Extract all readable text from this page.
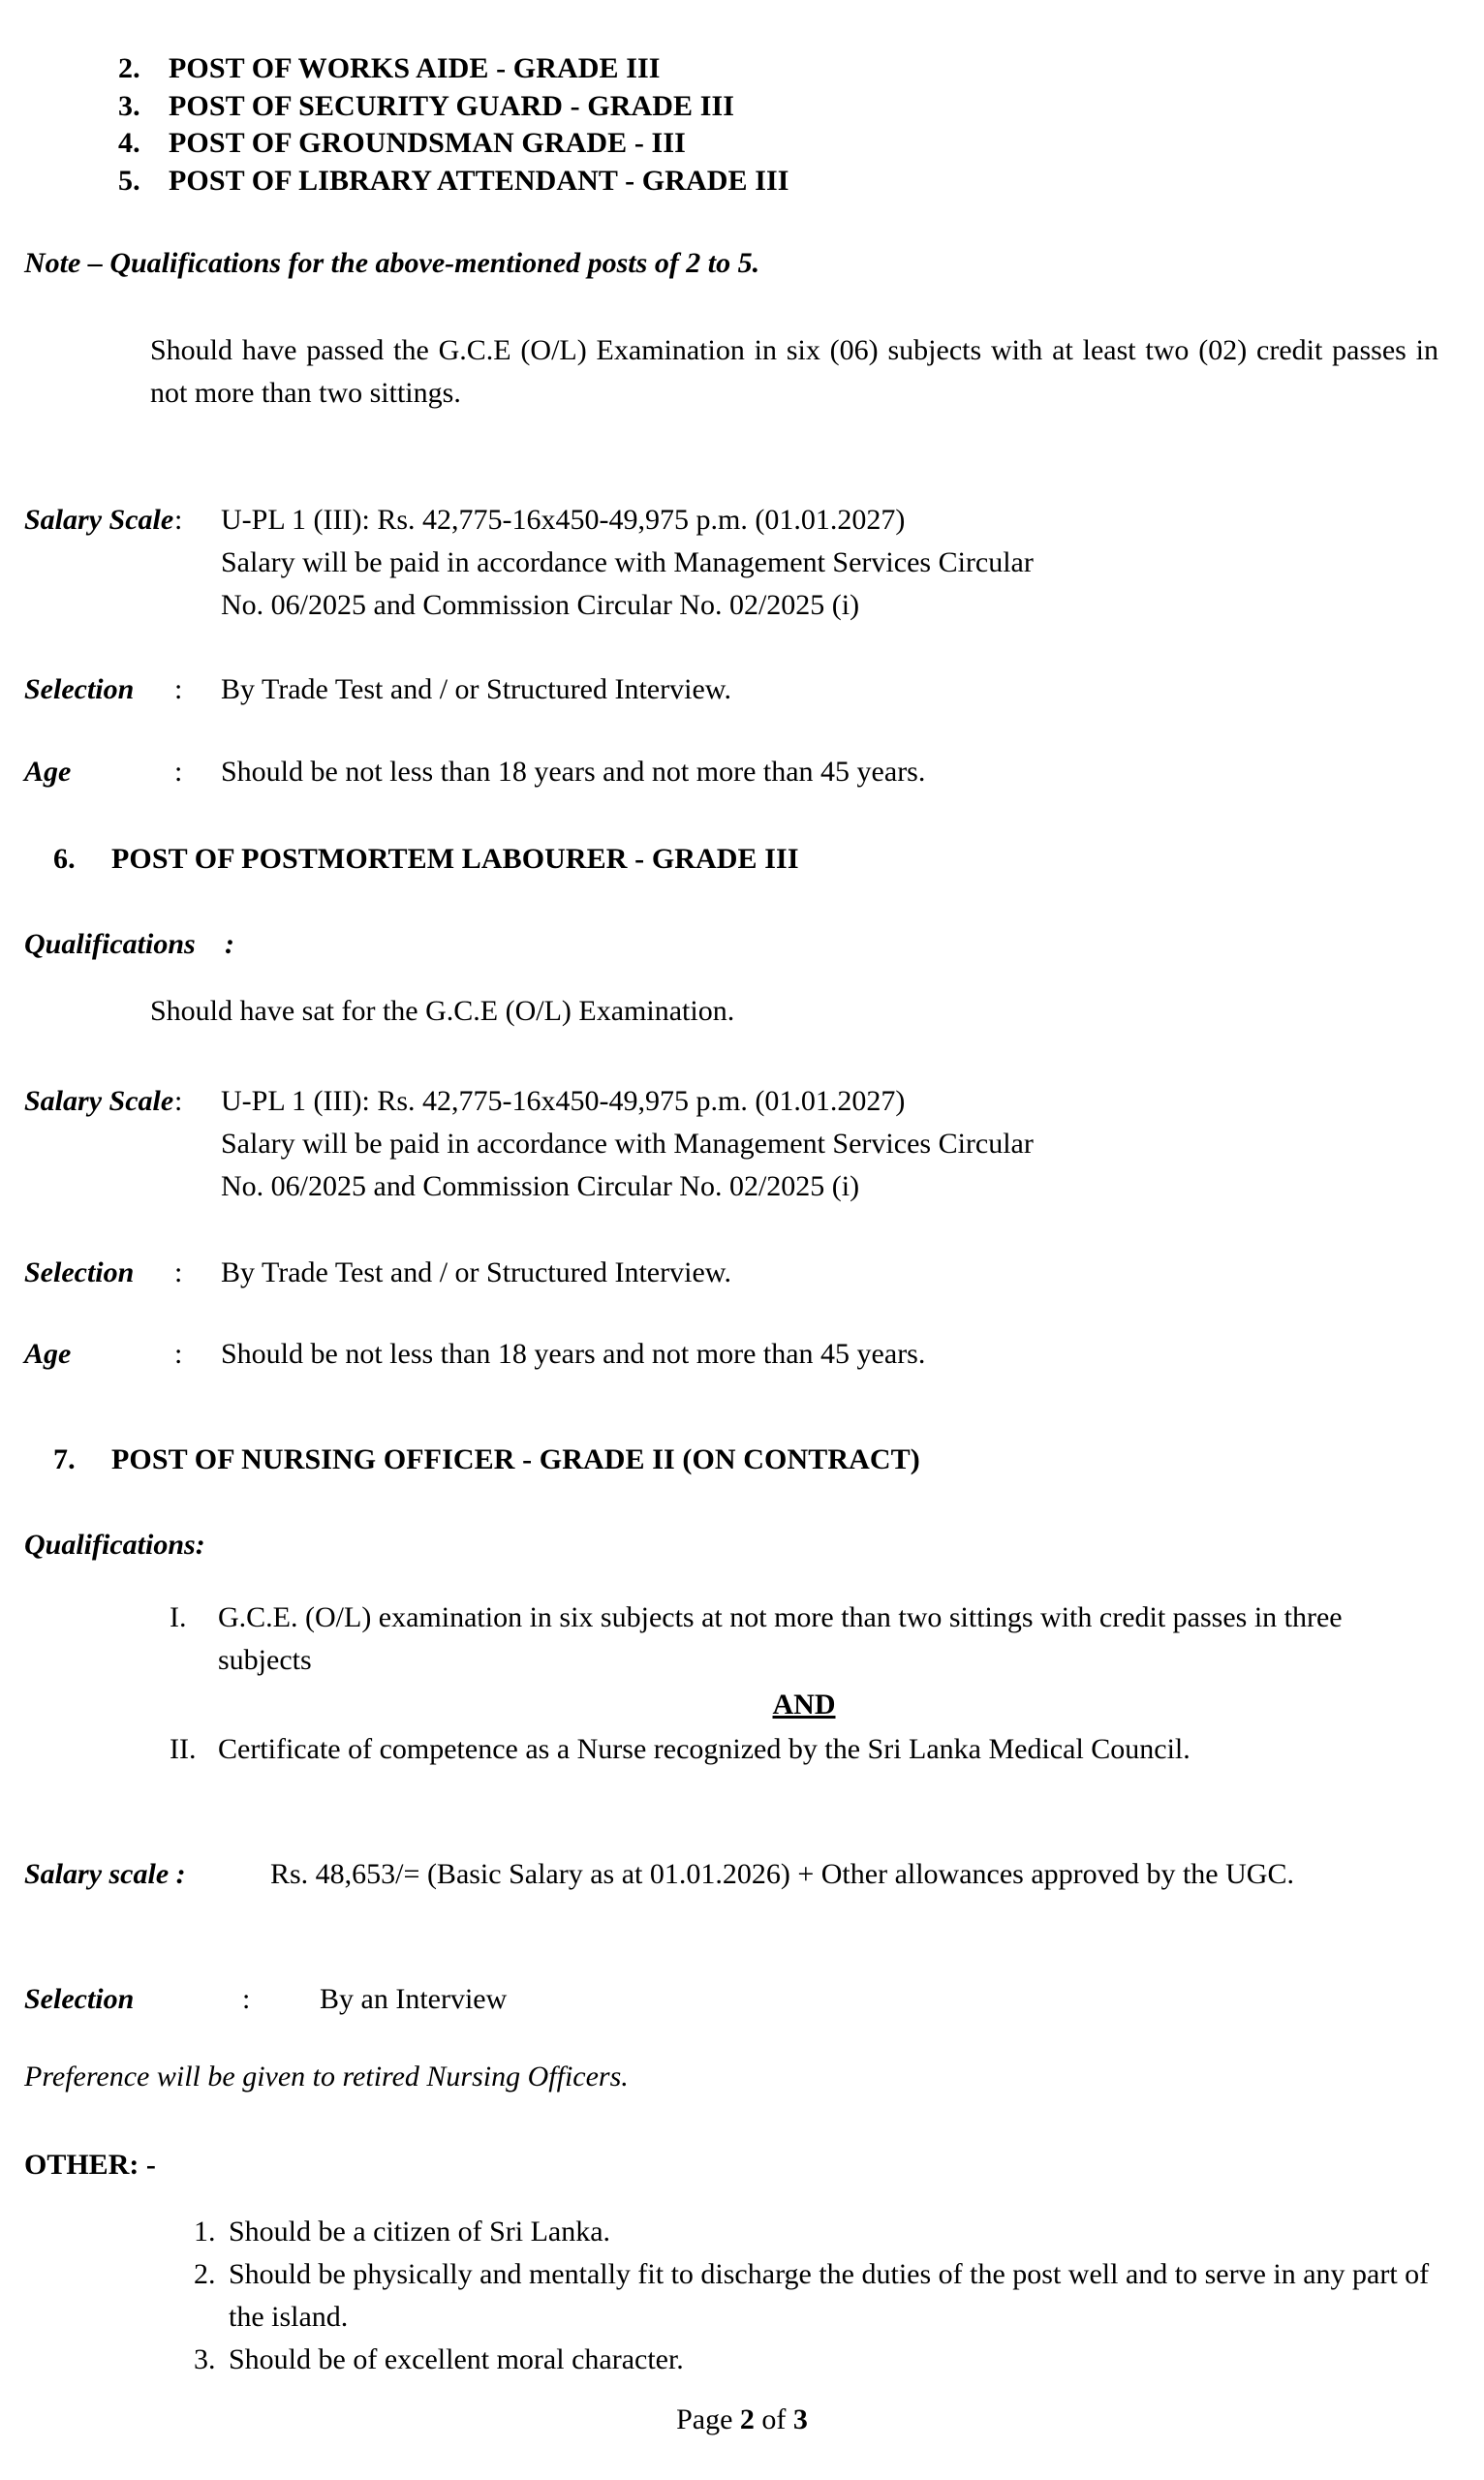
2. POST OF WORKS AIDE - GRADE III
3. POST OF SECURITY GUARD - GRADE III
4. POST OF GROUNDSMAN GRADE - III
5. POST OF LIBRARY ATTENDANT - GRADE III
Note – Qualifications for the above-mentioned posts of 2 to 5.
Should have passed the G.C.E (O/L) Examination in six (06) subjects with at least two (02) credit passes in not more than two sittings.
Salary Scale : U-PL 1 (III): Rs. 42,775-16x450-49,975 p.m. (01.01.2027)
Salary will be paid in accordance with Management Services Circular
No. 06/2025 and Commission Circular No. 02/2025 (i)
Selection : By Trade Test and / or Structured Interview.
Age	: Should be not less than 18 years and not more than 45 years.
6.	POST OF POSTMORTEM LABOURER - GRADE III
Qualifications :
Should have sat for the G.C.E (O/L) Examination.
Salary Scale : U-PL 1 (III): Rs. 42,775-16x450-49,975 p.m. (01.01.2027)
Salary will be paid in accordance with Management Services Circular
No. 06/2025 and Commission Circular No. 02/2025 (i)
Selection : By Trade Test and / or Structured Interview.
Age	: Should be not less than 18 years and not more than 45 years.
7.	POST OF NURSING OFFICER - GRADE II (ON CONTRACT)
Qualifications:
I.	G.C.E. (O/L) examination in six subjects at not more than two sittings with credit passes in three subjects
AND
II. Certificate of competence as a Nurse recognized by the Sri Lanka Medical Council.
Salary scale :	Rs. 48,653/= (Basic Salary as at 01.01.2026) + Other allowances approved by the UGC.
Selection	: By an Interview
Preference will be given to retired Nursing Officers.
OTHER: -
1. Should be a citizen of Sri Lanka.
2. Should be physically and mentally fit to discharge the duties of the post well and to serve in any part of the island.
3. Should be of excellent moral character.
Page 2 of 3
